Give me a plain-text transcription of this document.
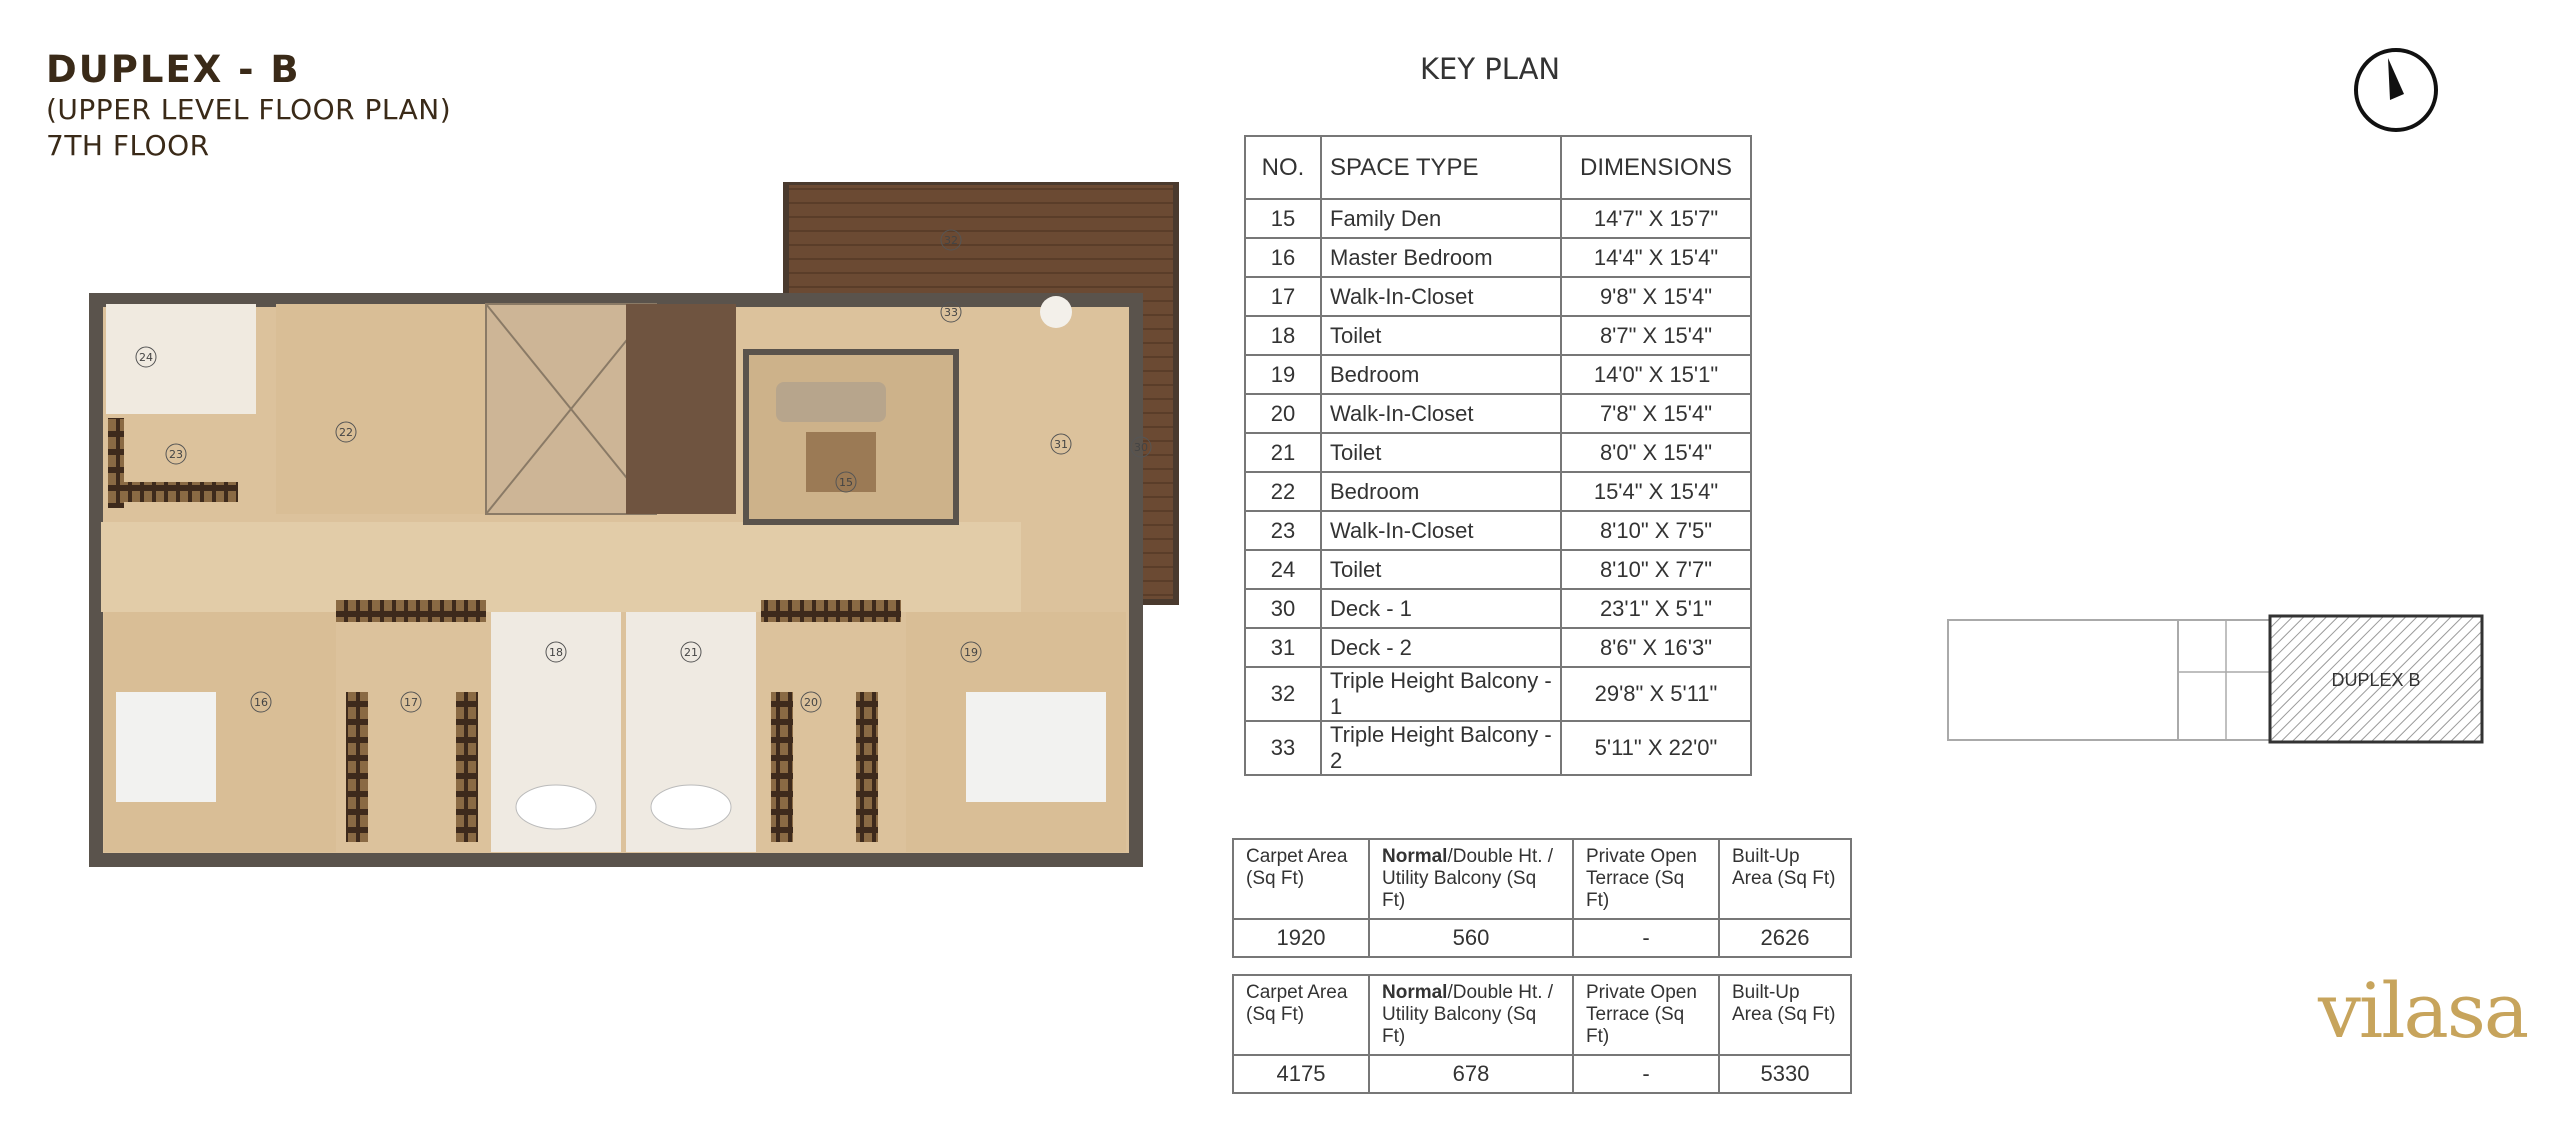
DUPLEX - B
(UPPER LEVEL FLOOR PLAN)
7TH FLOOR
KEY PLAN
15
16	17
18	19
20
21
22
23
24
30
31
32
33
NO.	SPACE TYPE	DIMENSIONS
15	Family Den	14'7" X 15'7"
16	Master Bedroom	14'4" X 15'4"
17	Walk-In-Closet	9'8" X 15'4"
18	Toilet	8'7" X 15'4"
19	Bedroom	14'0" X 15'1"
20	Walk-In-Closet	7'8" X 15'4"
21	Toilet	8'0" X 15'4"
22	Bedroom	15'4" X 15'4"
23	Walk-In-Closet	8'10" X 7'5"
24	Toilet	8'10" X 7'7"
30	Deck - 1	23'1" X 5'1"
31	Deck - 2	8'6" X 16'3"
32	Triple Height Balcony - 1	29'8" X 5'11"
33	Triple Height Balcony - 2	5'11" X 22'0"
Carpet Area (Sq Ft)	Normal/Double Ht. / Utility Balcony (Sq Ft)	Private Open Terrace (Sq Ft)	Built-Up Area (Sq Ft)
1920	560	-	2626
Carpet Area (Sq Ft)	Normal/Double Ht. / Utility Balcony (Sq Ft)	Private Open Terrace (Sq Ft)	Built-Up Area (Sq Ft)
4175	678	-	5330
DUPLEX B
vilasa
